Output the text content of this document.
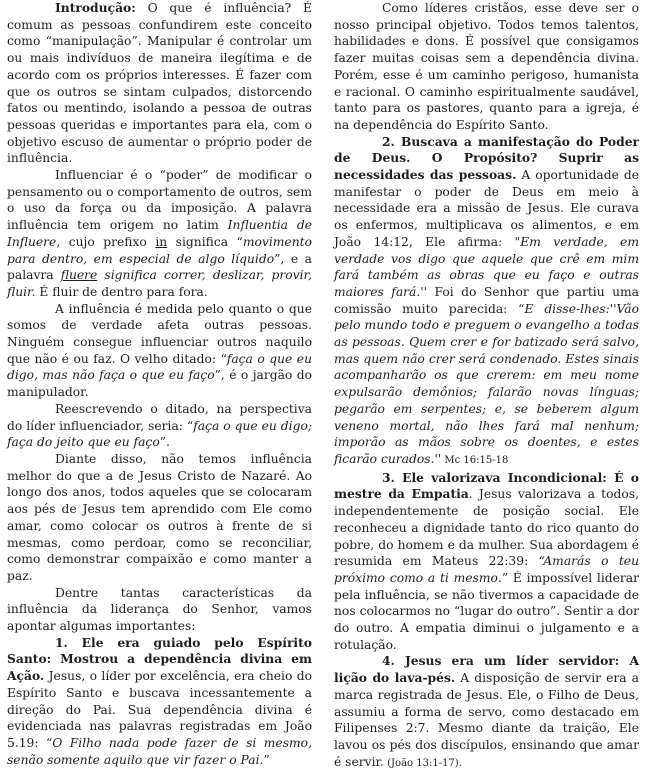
Introdução: O que é influência? É comum as pessoas confundirem este conceito como “manipulação”. Manipular é controlar um ou mais indivíduos de maneira ilegítima e de acordo com os próprios interesses. É fazer com que os outros se sintam culpados, distorcendo fatos ou mentindo, isolando a pessoa de outras pessoas queridas e importantes para ela, com o objetivo escuso de aumentar o próprio poder de influência.

Influenciar é o “poder” de modificar o pensamento ou o comportamento de outros, sem o uso da força ou da imposição. A palavra influência tem origem no latim Influentia de Influere, cujo prefixo in significa “movimento para dentro, em especial de algo líquido”, e a palavra fluere significa correr, deslizar, provir, fluir. É fluir de dentro para fora.

A influência é medida pelo quanto o que somos de verdade afeta outras pessoas. Ninguém consegue influenciar outros naquilo que não é ou faz. O velho ditado: “faça o que eu digo, mas não faça o que eu faço”, é o jargão do manipulador.

Reescrevendo o ditado, na perspectiva do líder influenciador, seria: “faça o que eu digo; faça do jeito que eu faço”.

Diante disso, não temos influência melhor do que a de Jesus Cristo de Nazaré. Ao longo dos anos, todos aqueles que se colocaram aos pés de Jesus tem aprendido com Ele como amar, como colocar os outros à frente de si mesmas, como perdoar, como se reconciliar, como demonstrar compaixão e como manter a paz.

Dentre tantas características da influência da liderança do Senhor, vamos apontar algumas importantes:

1. Ele era guiado pelo Espírito Santo: Mostrou a dependência divina em Ação. Jesus, o líder por excelência, era cheio do Espírito Santo e buscava incessantemente a direção do Pai. Sua dependência divina é evidenciada nas palavras registradas em João 5.19: “O Filho nada pode fazer de si mesmo, senão somente aquilo que vir fazer o Pai.”

Como líderes cristãos, esse deve ser o nosso principal objetivo. Todos temos talentos, habilidades e dons. É possível que consigamos fazer muitas coisas sem a dependência divina. Porém, esse é um caminho perigoso, humanista e racional. O caminho espiritualmente saudável, tanto para os pastores, quanto para a igreja, é na dependência do Espírito Santo.

2. Buscava a manifestação do Poder de Deus. O Propósito? Suprir as necessidades das pessoas. A oportunidade de manifestar o poder de Deus em meio à necessidade era a missão de Jesus. Ele curava os enfermos, multiplicava os alimentos, e em João 14:12, Ele afirma: "Em verdade, em verdade vos digo que aquele que crê em mim fará também as obras que eu faço e outras maiores fará.'' Foi do Senhor que partiu uma comissão muito parecida: “E disse-lhes:''Vão pelo mundo todo e preguem o evangelho a todas as pessoas. Quem crer e for batizado será salvo, mas quem não crer será condenado. Estes sinais acompanharão os que crerem: em meu nome expulsarão demônios; falarão novas línguas; pegarão em serpentes; e, se beberem algum veneno mortal, não lhes fará mal nenhum; imporão as mãos sobre os doentes, e estes ficarão curados.'' Mc 16:15-18

3. Ele valorizava Incondicional: É o mestre da Empatia. Jesus valorizava a todos, independentemente de posição social. Ele reconheceu a dignidade tanto do rico quanto do pobre, do homem e da mulher. Sua abordagem é resumida em Mateus 22:39: “Amarás o teu próximo como a ti mesmo.” É impossível liderar pela influência, se não tivermos a capacidade de nos colocarmos no “lugar do outro”. Sentir a dor do outro. A empatia diminui o julgamento e a rotulação.

4. Jesus era um líder servidor: A lição do lava-pés. A disposição de servir era a marca registrada de Jesus. Ele, o Filho de Deus, assumiu a forma de servo, como destacado em Filipenses 2:7. Mesmo diante da traição, Ele lavou os pés dos discípulos, ensinando que amar é servir. (João 13:1-17).
